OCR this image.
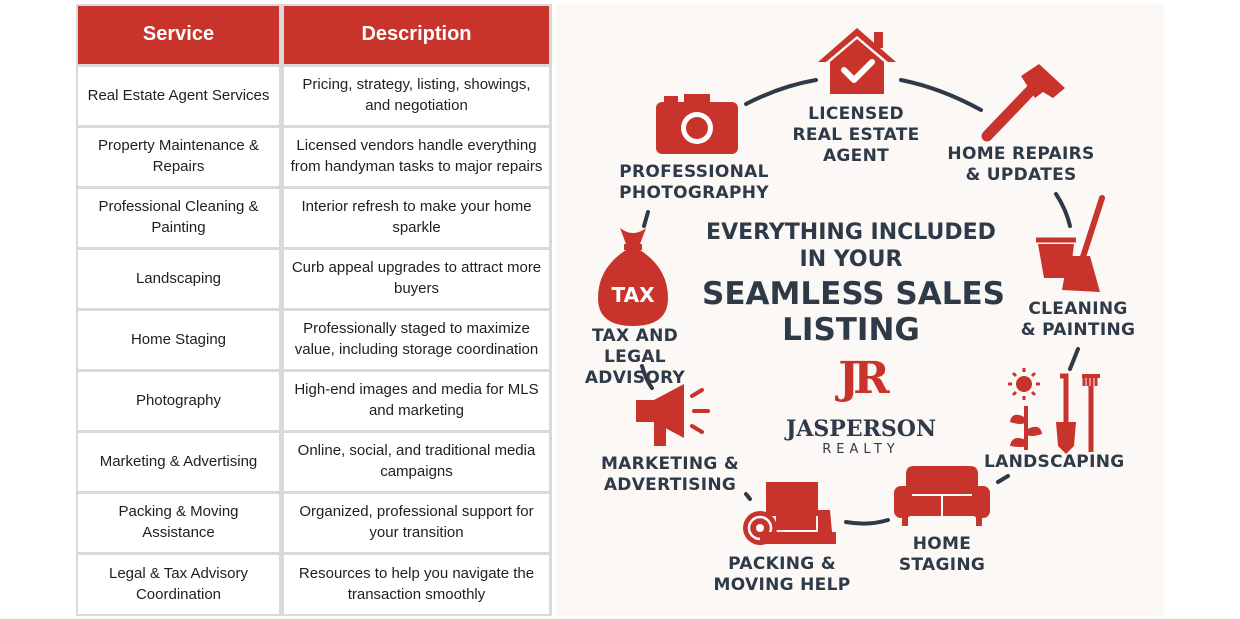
Service	Description
Real Estate Agent Services
Pricing, strategy, listing, showings, and negotiation
Property Maintenance & Repairs
Licensed vendors handle everything from handyman tasks to major repairs
Professional Cleaning & Painting
Interior refresh to make your home sparkle
Landscaping
Curb appeal upgrades to attract more buyers
Home Staging
Professionally staged to maximize value, including storage coordination
Photography
High-end images and media for MLS and marketing
Marketing & Advertising
Online, social, and traditional media campaigns
Packing & Moving Assistance
Organized, professional support for your transition
Legal & Tax Advisory Coordination
Resources to help you navigate the transaction smoothly
LICENSED
REAL ESTATE
AGENT	HOME REPAIRS
& UPDATES
CLEANING
& PAINTING
LANDSCAPING
HOME
STAGING
PACKING &
MOVING HELP
MARKETING &
ADVERTISING
TAX
TAX AND LEGAL
ADVISORY
PROFESSIONAL
PHOTOGRAPHY
EVERYTHING INCLUDED
IN YOUR
SEAMLESS SALES
LISTING
JR
JASPERSON
REALTY
